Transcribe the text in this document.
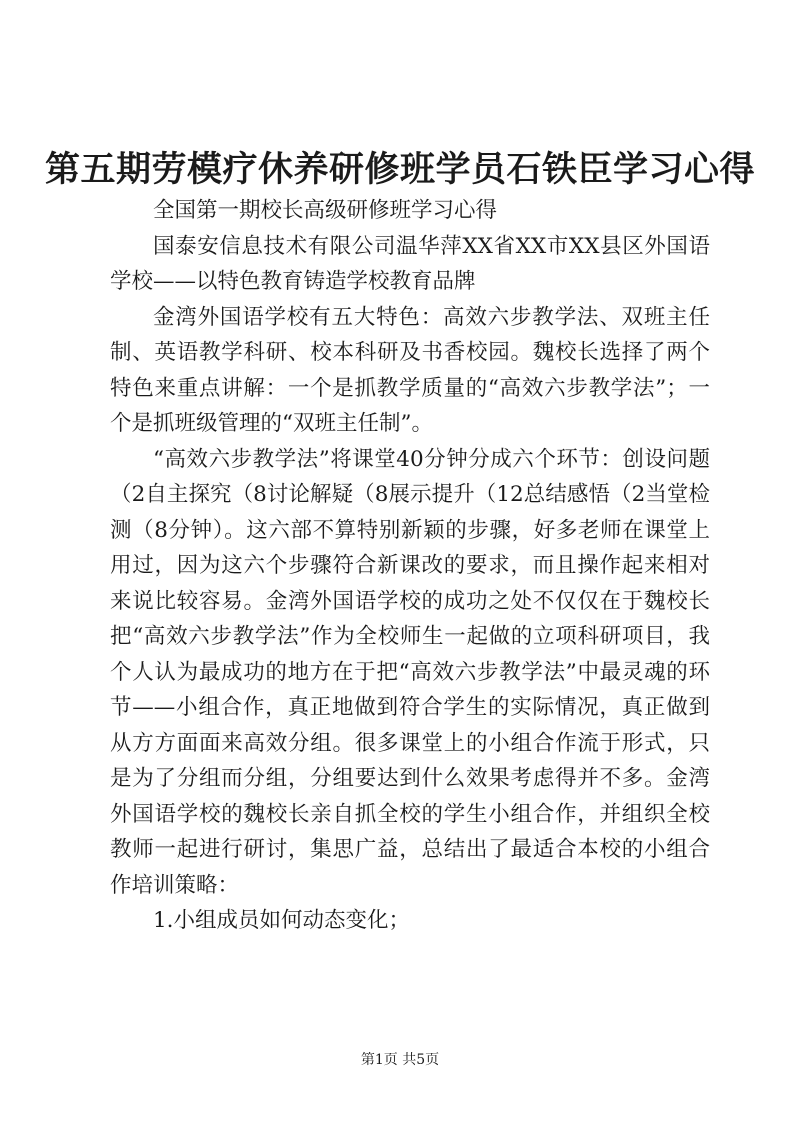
第五期劳模疗休养研修班学员石铁臣学习心得

全国第一期校长高级研修班学习心得

国泰安信息技术有限公司温华萍XX省XX市XX县区外国语学校——以特色教育铸造学校教育品牌

金湾外国语学校有五大特色：高效六步教学法、双班主任制、英语教学科研、校本科研及书香校园。魏校长选择了两个特色来重点讲解：一个是抓教学质量的“高效六步教学法”；一个是抓班级管理的“双班主任制”。

“高效六步教学法”将课堂40分钟分成六个环节：创设问题（2自主探究（8讨论解疑（8展示提升（12总结感悟（2当堂检测（8分钟）。这六部不算特别新颖的步骤，好多老师在课堂上用过，因为这六个步骤符合新课改的要求，而且操作起来相对来说比较容易。金湾外国语学校的成功之处不仅仅在于魏校长把“高效六步教学法”作为全校师生一起做的立项科研项目，我个人认为最成功的地方在于把“高效六步教学法”中最灵魂的环节——小组合作，真正地做到符合学生的实际情况，真正做到从方方面面来高效分组。很多课堂上的小组合作流于形式，只是为了分组而分组，分组要达到什么效果考虑得并不多。金湾外国语学校的魏校长亲自抓全校的学生小组合作，并组织全校教师一起进行研讨，集思广益，总结出了最适合本校的小组合作培训策略：

1.小组成员如何动态变化；

第1页 共5页
